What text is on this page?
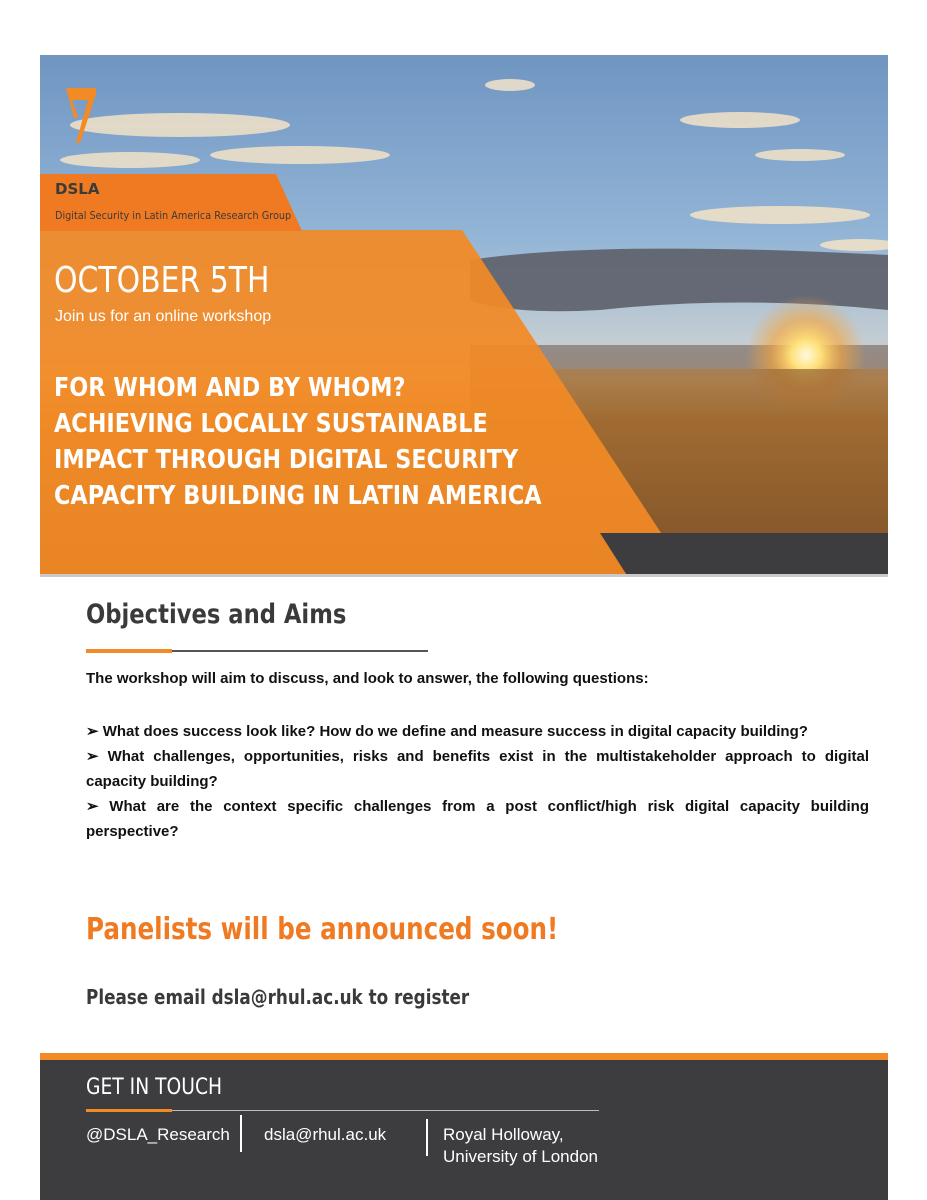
DSLA
Digital Security in Latin America Research Group
OCTOBER 5TH
Join us for an online workshop
FOR WHOM AND BY WHOM?
ACHIEVING LOCALLY SUSTAINABLE
IMPACT THROUGH DIGITAL SECURITY
CAPACITY BUILDING IN LATIN AMERICA
Objectives and Aims
The workshop will aim to discuss, and look to answer, the following questions:
➢ What does success look like? How do we define and measure success in digital capacity building?
➢ What challenges, opportunities, risks and benefits exist in the multistakeholder approach to digital capacity building?
➢ What are the context specific challenges from a post conflict/high risk digital capacity building perspective?
Panelists will be announced soon!
Please email dsla@rhul.ac.uk to register
GET IN TOUCH
@DSLA_Research dsla@rhul.ac.uk	Royal Holloway,
University of London
